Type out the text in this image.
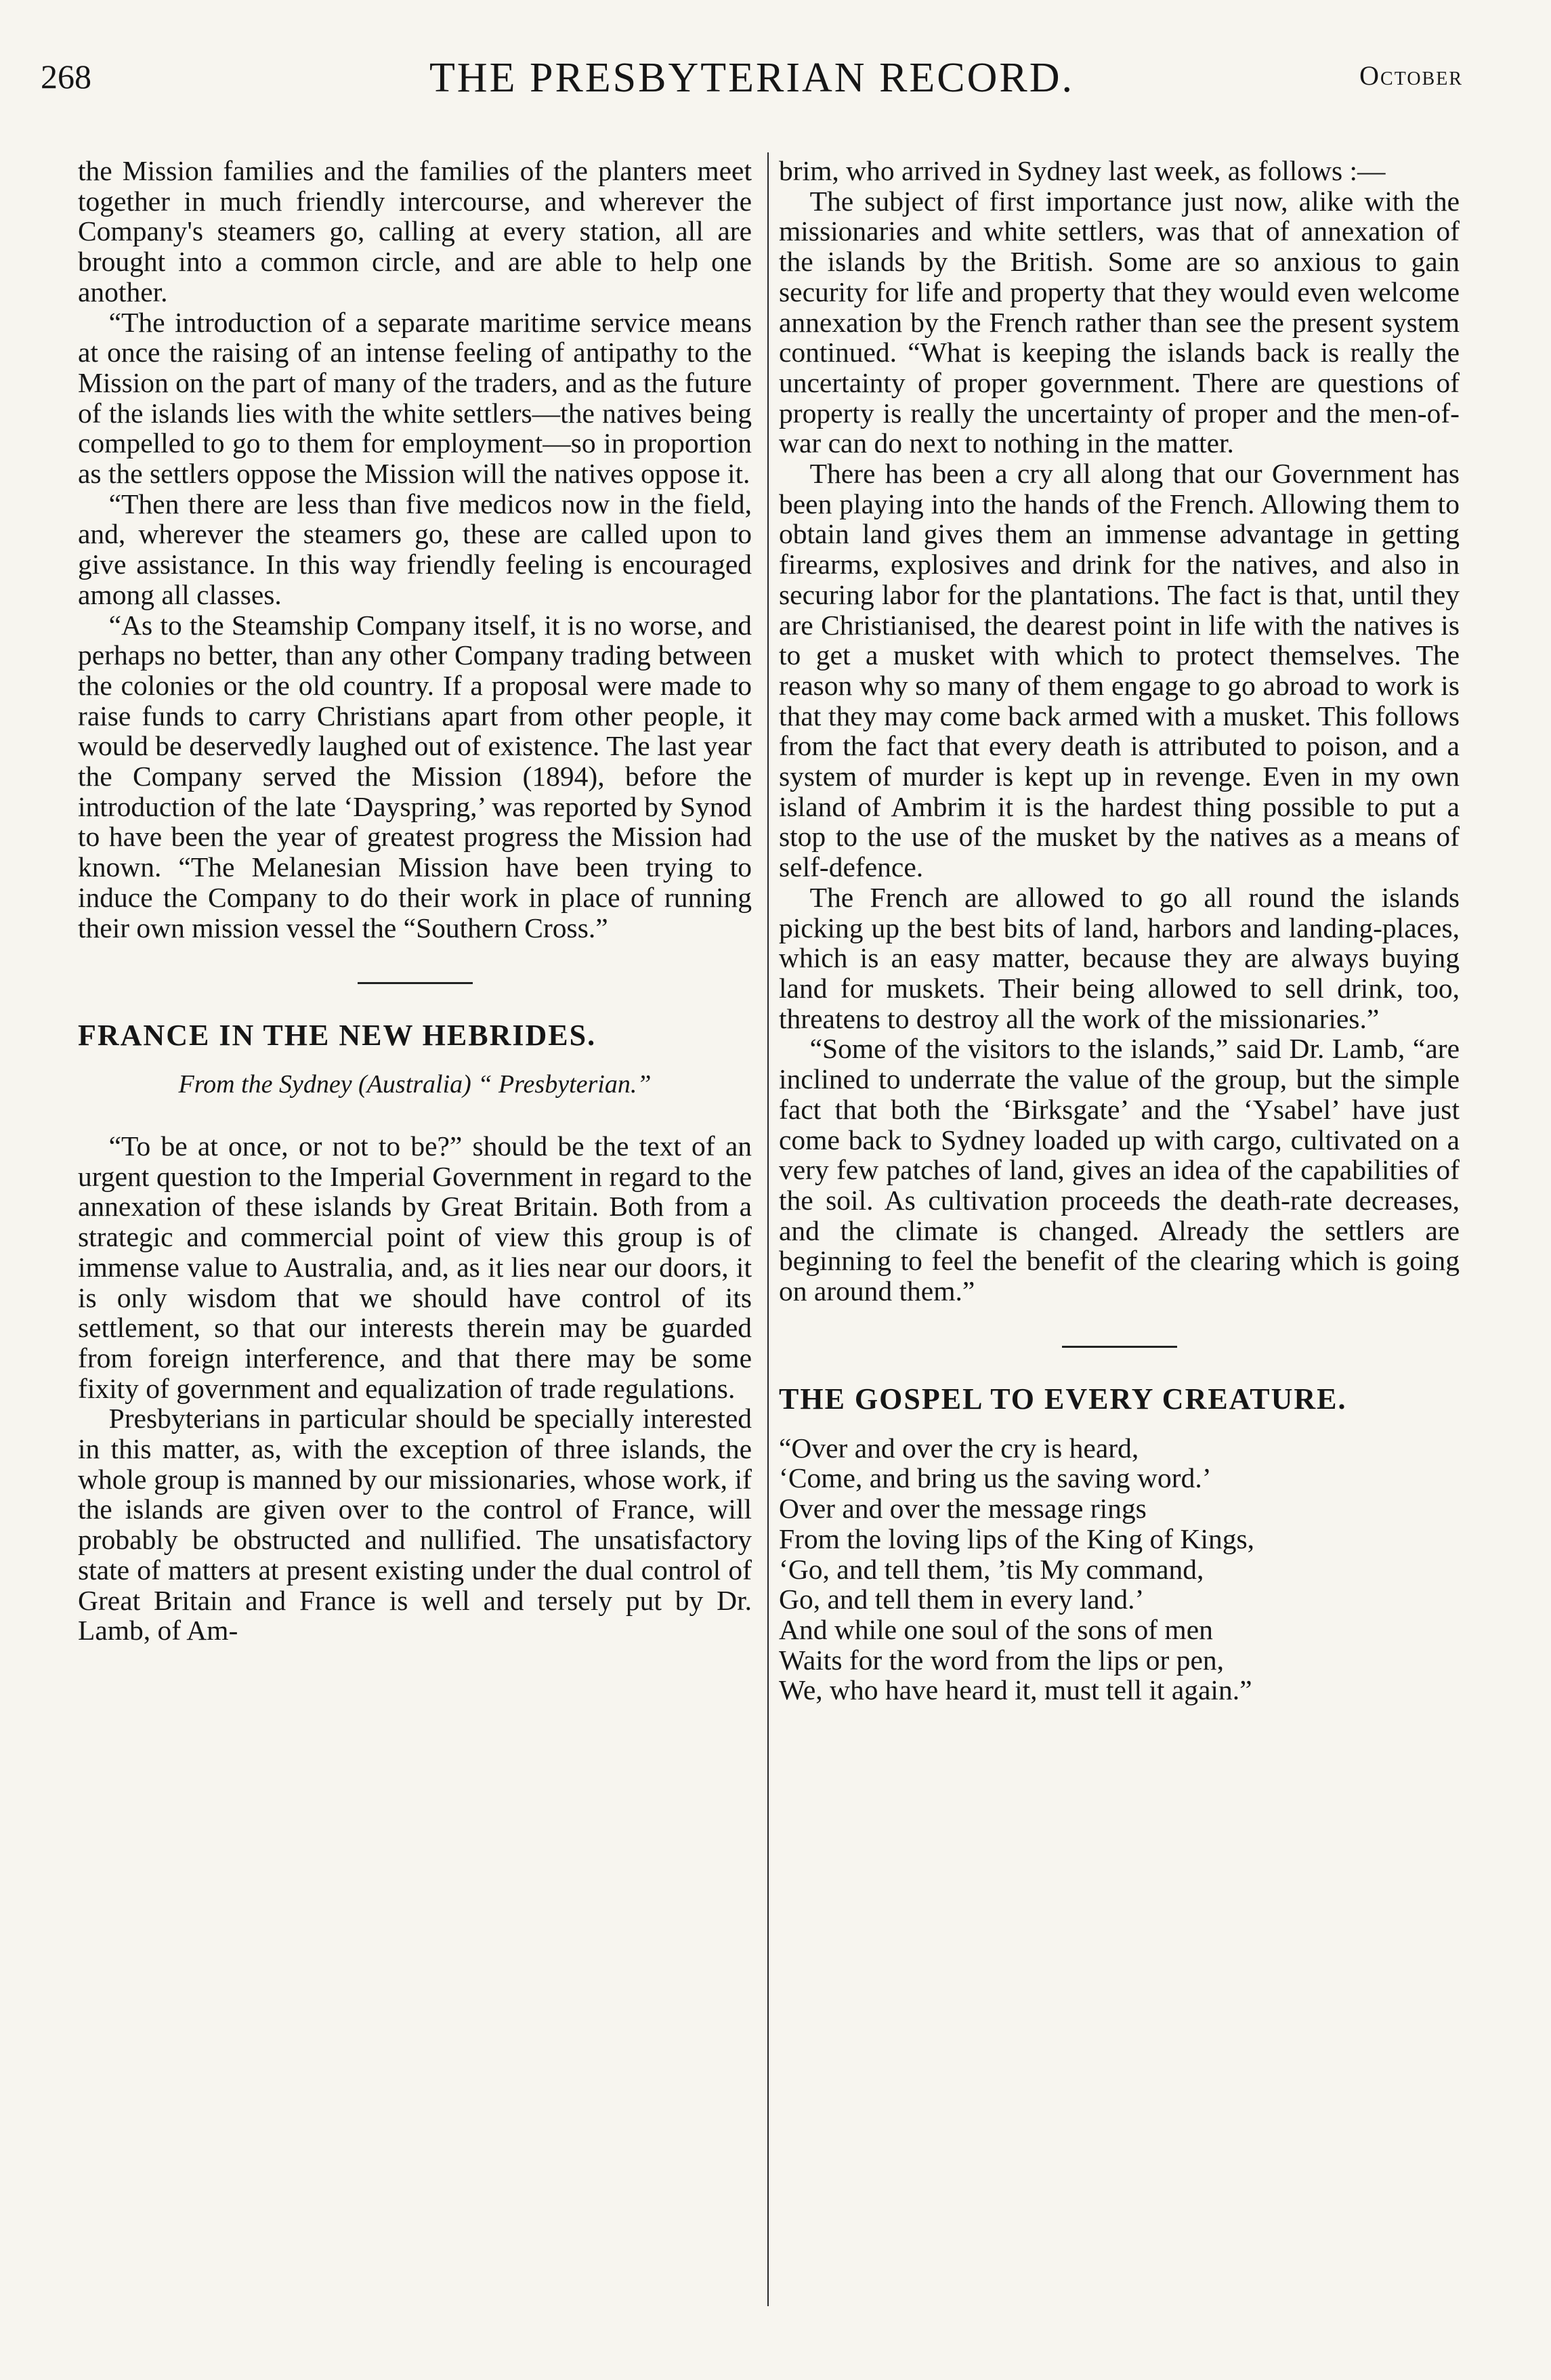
268	THE PRESBYTERIAN RECORD.	October

the Mission families and the families of the planters meet together in much friendly intercourse, and wherever the Company's steamers go, calling at every station, all are brought into a common circle, and are able to help one another.

“The introduction of a separate maritime service means at once the raising of an intense feeling of antipathy to the Mission on the part of many of the traders, and as the future of the islands lies with the white settlers—the natives being compelled to go to them for employment—so in proportion as the settlers oppose the Mission will the natives oppose it.

“Then there are less than five medicos now in the field, and, wherever the steamers go, these are called upon to give assistance. In this way friendly feeling is encouraged among all classes.

“As to the Steamship Company itself, it is no worse, and perhaps no better, than any other Company trading between the colonies or the old country. If a proposal were made to raise funds to carry Christians apart from other people, it would be deservedly laughed out of existence. The last year the Company served the Mission (1894), before the introduction of the late ‘Dayspring,’ was reported by Synod to have been the year of greatest progress the Mission had known. “The Melanesian Mission have been trying to induce the Company to do their work in place of running their own mission vessel the “Southern Cross.”

FRANCE IN THE NEW HEBRIDES.
From the Sydney (Australia) “ Presbyterian.”

“To be at once, or not to be?” should be the text of an urgent question to the Imperial Government in regard to the annexation of these islands by Great Britain. Both from a strategic and commercial point of view this group is of immense value to Australia, and, as it lies near our doors, it is only wisdom that we should have control of its settlement, so that our interests therein may be guarded from foreign interference, and that there may be some fixity of government and equalization of trade regulations.

Presbyterians in particular should be specially interested in this matter, as, with the exception of three islands, the whole group is manned by our missionaries, whose work, if the islands are given over to the control of France, will probably be obstructed and nullified. The unsatisfactory state of matters at present existing under the dual control of Great Britain and France is well and tersely put by Dr. Lamb, of Am-

brim, who arrived in Sydney last week, as follows :—

The subject of first importance just now, alike with the missionaries and white settlers, was that of annexation of the islands by the British. Some are so anxious to gain security for life and property that they would even welcome annexation by the French rather than see the present system continued. “What is keeping the islands back is really the uncertainty of proper government. There are questions of property is really the uncertainty of proper and the men-of-war can do next to nothing in the matter.

There has been a cry all along that our Government has been playing into the hands of the French. Allowing them to obtain land gives them an immense advantage in getting firearms, explosives and drink for the natives, and also in securing labor for the plantations. The fact is that, until they are Christianised, the dearest point in life with the natives is to get a musket with which to protect themselves. The reason why so many of them engage to go abroad to work is that they may come back armed with a musket. This follows from the fact that every death is attributed to poison, and a system of murder is kept up in revenge. Even in my own island of Ambrim it is the hardest thing possible to put a stop to the use of the musket by the natives as a means of self-defence.

The French are allowed to go all round the islands picking up the best bits of land, harbors and landing-places, which is an easy matter, because they are always buying land for muskets. Their being allowed to sell drink, too, threatens to destroy all the work of the missionaries.”

“Some of the visitors to the islands,” said Dr. Lamb, “are inclined to underrate the value of the group, but the simple fact that both the ‘Birksgate’ and the ‘Ysabel’ have just come back to Sydney loaded up with cargo, cultivated on a very few patches of land, gives an idea of the capabilities of the soil. As cultivation proceeds the death-rate decreases, and the climate is changed. Already the settlers are beginning to feel the benefit of the clearing which is going on around them.”

THE GOSPEL TO EVERY CREATURE.
“Over and over the cry is heard,
‘Come, and bring us the saving word.’
Over and over the message rings
From the loving lips of the King of Kings,
‘Go, and tell them, ’tis My command,
Go, and tell them in every land.’
And while one soul of the sons of men
Waits for the word from the lips or pen,
We, who have heard it, must tell it again.”
